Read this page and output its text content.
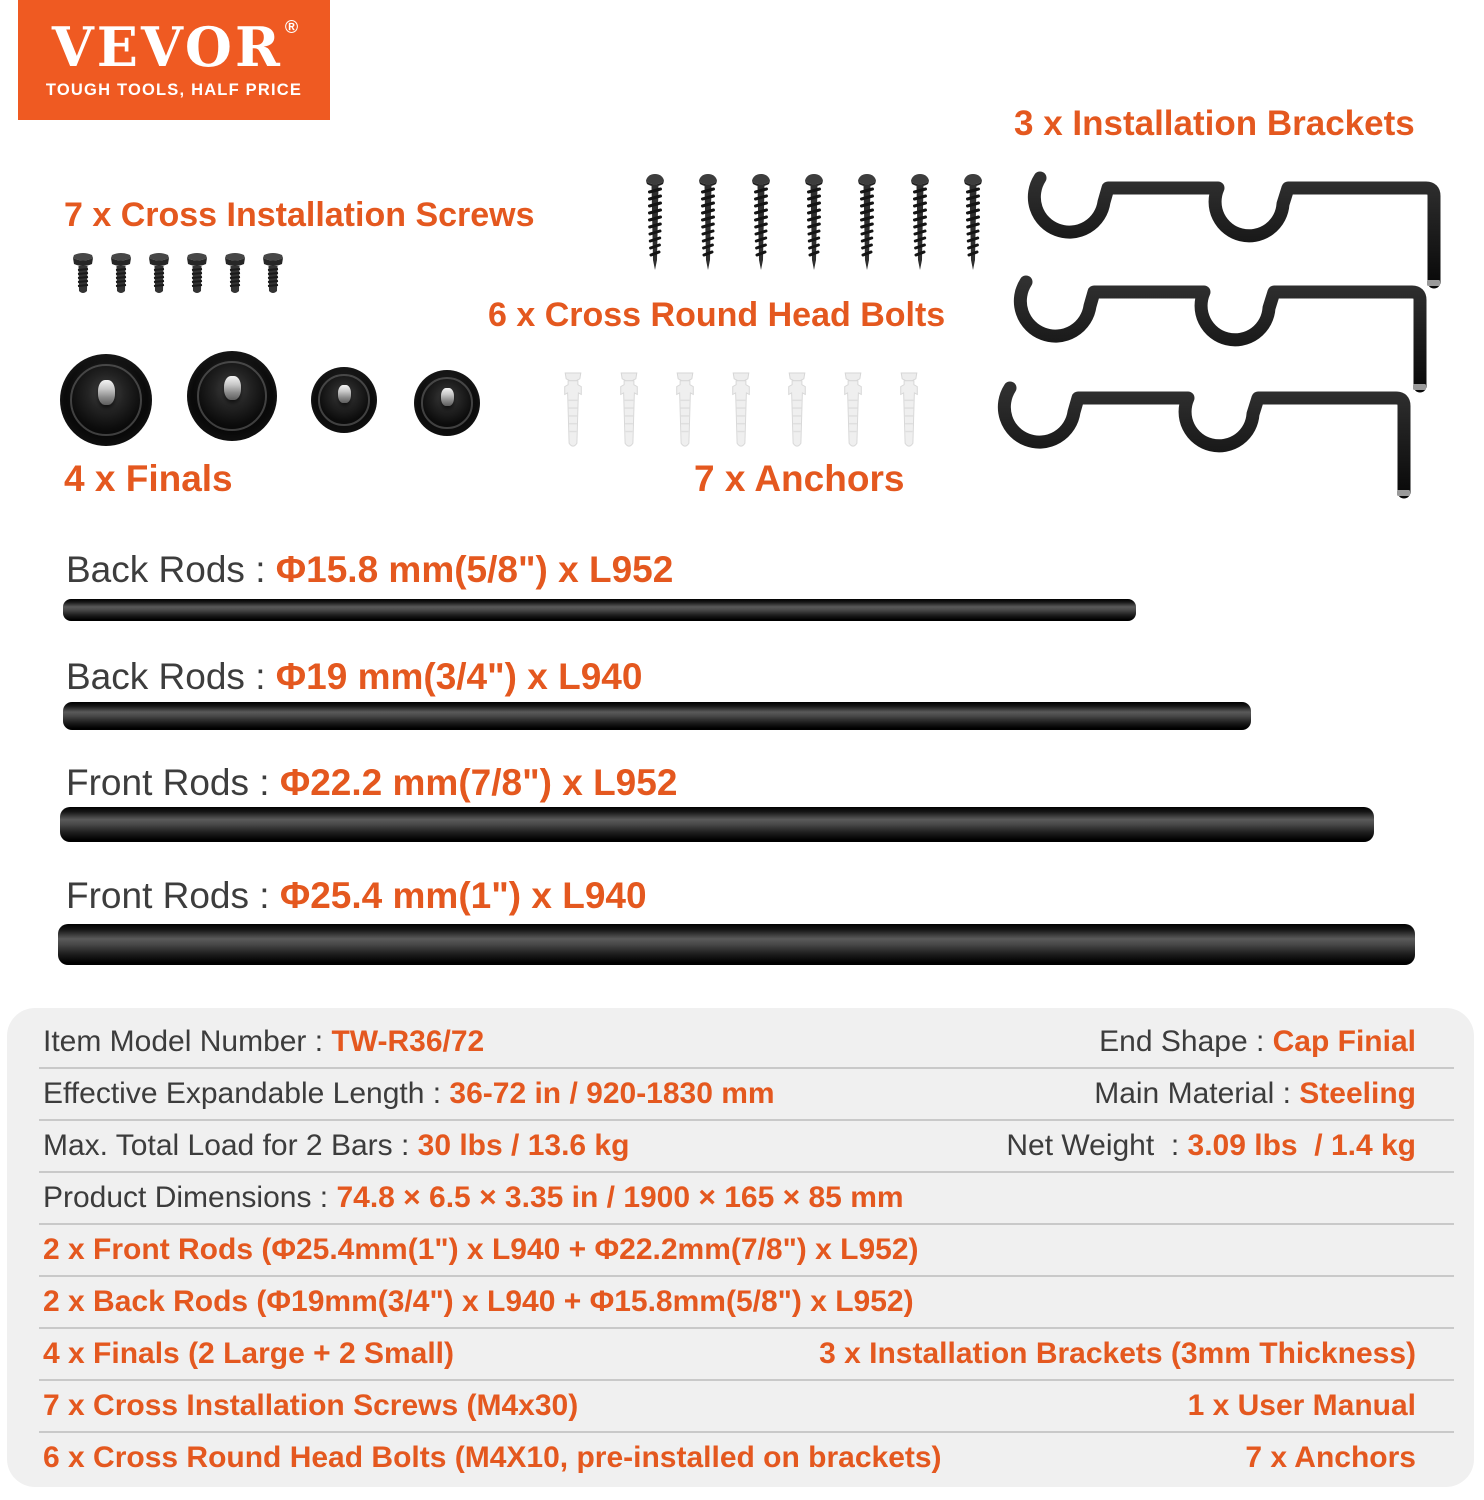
VEVOR ®
TOUGH TOOLS, HALF PRICE
7 x Cross Installation Screws
6 x Cross Round Head Bolts
3 x Installation Brackets
4 x Finals	7 x Anchors
Back Rods : Φ15.8 mm(5/8") x L952
Back Rods : Φ19 mm(3/4") x L940
Front Rods : Φ22.2 mm(7/8") x L952
Front Rods : Φ25.4 mm(1") x L940
Item Model Number : TW-R36/72	End Shape : Cap Finial
Effective Expandable Length : 36-72 in / 920-1830 mm	Main Material : Steeling
Max. Total Load for 2 Bars : 30 lbs / 13.6 kg	Net Weight  : 3.09 lbs  / 1.4 kg
Product Dimensions : 74.8 × 6.5 × 3.35 in / 1900 × 165 × 85 mm
2 x Front Rods (Φ25.4mm(1") x L940 + Φ22.2mm(7/8") x L952)
2 x Back Rods (Φ19mm(3/4") x L940 + Φ15.8mm(5/8") x L952)
4 x Finals (2 Large + 2 Small)	3 x Installation Brackets (3mm Thickness)
7 x Cross Installation Screws (M4x30)	1 x User Manual
6 x Cross Round Head Bolts (M4X10, pre-installed on brackets)	7 x Anchors
